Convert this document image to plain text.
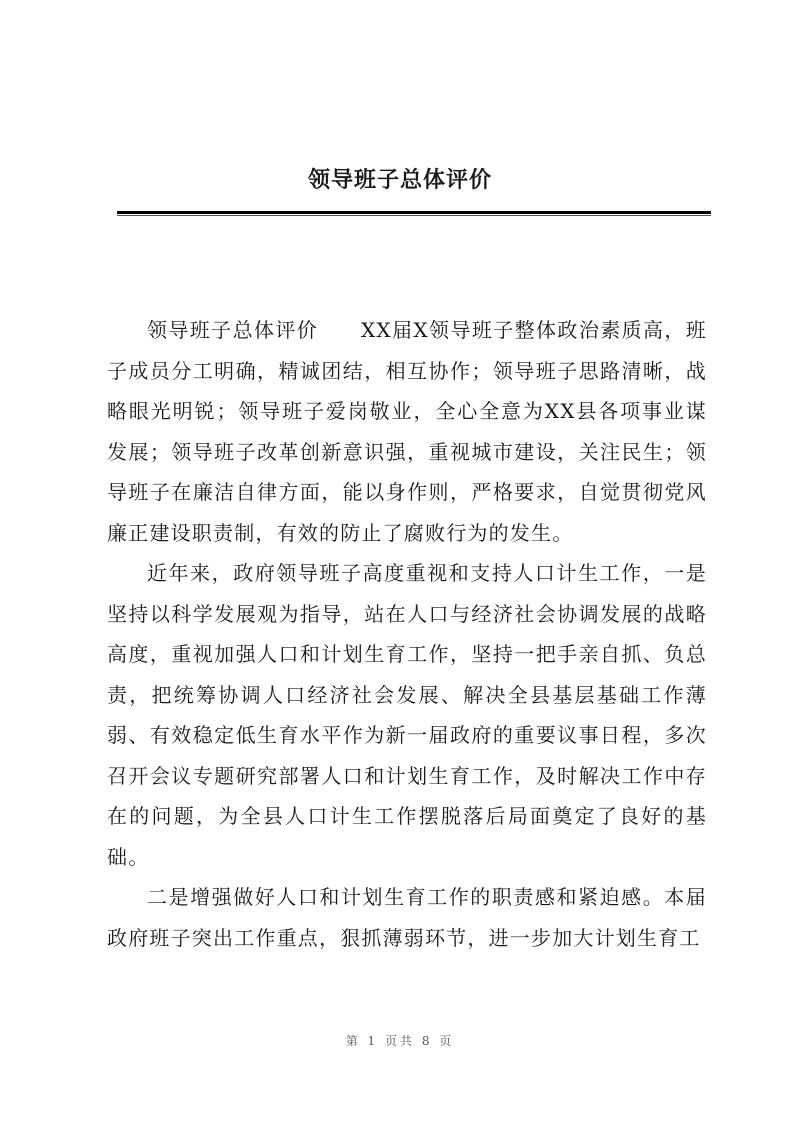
领导班子总体评价

领导班子总体评价　　XX届X领导班子整体政治素质高，班子成员分工明确，精诚团结，相互协作；领导班子思路清晰，战略眼光明锐；领导班子爱岗敬业，全心全意为XX县各项事业谋发展；领导班子改革创新意识强，重视城市建设，关注民生；领导班子在廉洁自律方面，能以身作则，严格要求，自觉贯彻党风廉正建设职责制，有效的防止了腐败行为的发生。

近年来，政府领导班子高度重视和支持人口计生工作，一是坚持以科学发展观为指导，站在人口与经济社会协调发展的战略高度，重视加强人口和计划生育工作，坚持一把手亲自抓、负总责，把统筹协调人口经济社会发展、解决全县基层基础工作薄弱、有效稳定低生育水平作为新一届政府的重要议事日程，多次召开会议专题研究部署人口和计划生育工作，及时解决工作中存在的问题，为全县人口计生工作摆脱落后局面奠定了良好的基础。

二是增强做好人口和计划生育工作的职责感和紧迫感。本届政府班子突出工作重点，狠抓薄弱环节，进一步加大计划生育工

第 1 页共 8 页
